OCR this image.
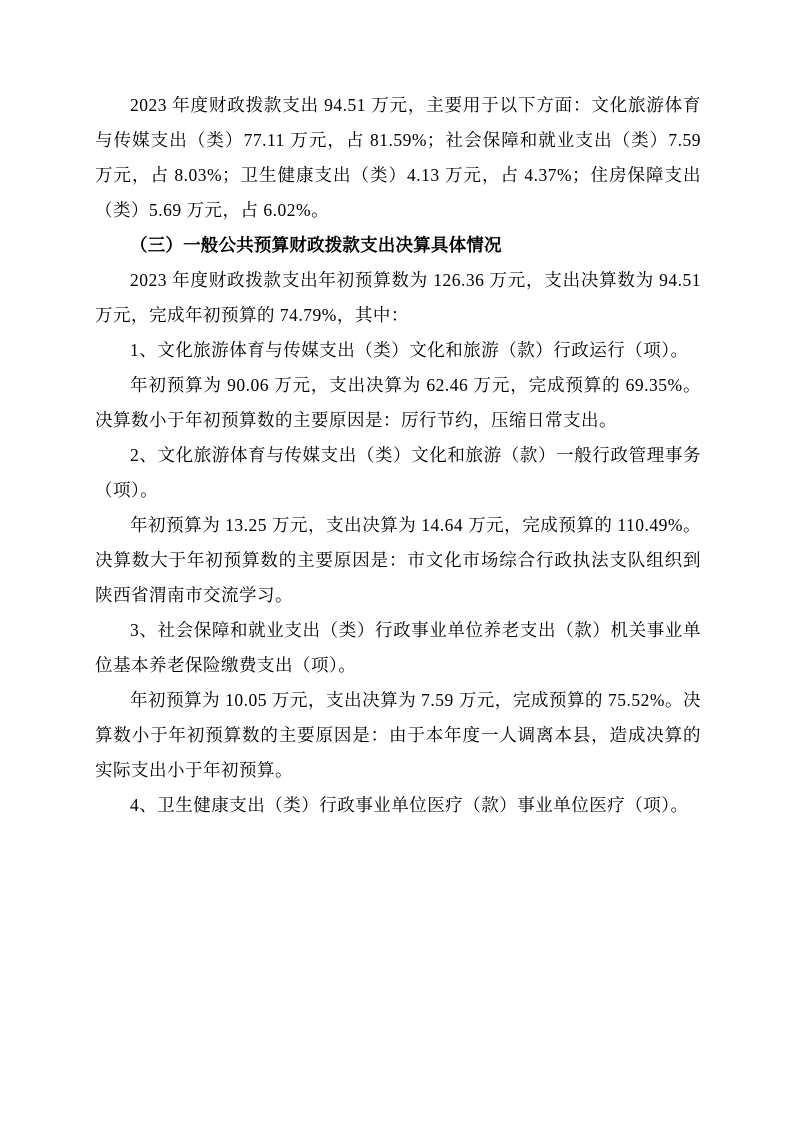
2023 年度财政拨款支出 94.51 万元，主要用于以下方面：文化旅游体育与传媒支出（类）77.11 万元，占 81.59%；社会保障和就业支出（类）7.59 万元，占 8.03%；卫生健康支出（类）4.13 万元，占 4.37%；住房保障支出（类）5.69 万元，占 6.02%。

（三）一般公共预算财政拨款支出决算具体情况

2023 年度财政拨款支出年初预算数为 126.36 万元，支出决算数为 94.51 万元，完成年初预算的 74.79%，其中：

1、文化旅游体育与传媒支出（类）文化和旅游（款）行政运行（项）。

年初预算为 90.06 万元，支出决算为 62.46 万元，完成预算的 69.35%。决算数小于年初预算数的主要原因是：厉行节约，压缩日常支出。

2、文化旅游体育与传媒支出（类）文化和旅游（款）一般行政管理事务（项）。

年初预算为 13.25 万元，支出决算为 14.64 万元，完成预算的 110.49%。决算数大于年初预算数的主要原因是：市文化市场综合行政执法支队组织到陕西省渭南市交流学习。

3、社会保障和就业支出（类）行政事业单位养老支出（款）机关事业单位基本养老保险缴费支出（项）。

年初预算为 10.05 万元，支出决算为 7.59 万元，完成预算的 75.52%。决算数小于年初预算数的主要原因是：由于本年度一人调离本县，造成决算的实际支出小于年初预算。

4、卫生健康支出（类）行政事业单位医疗（款）事业单位医疗（项）。
